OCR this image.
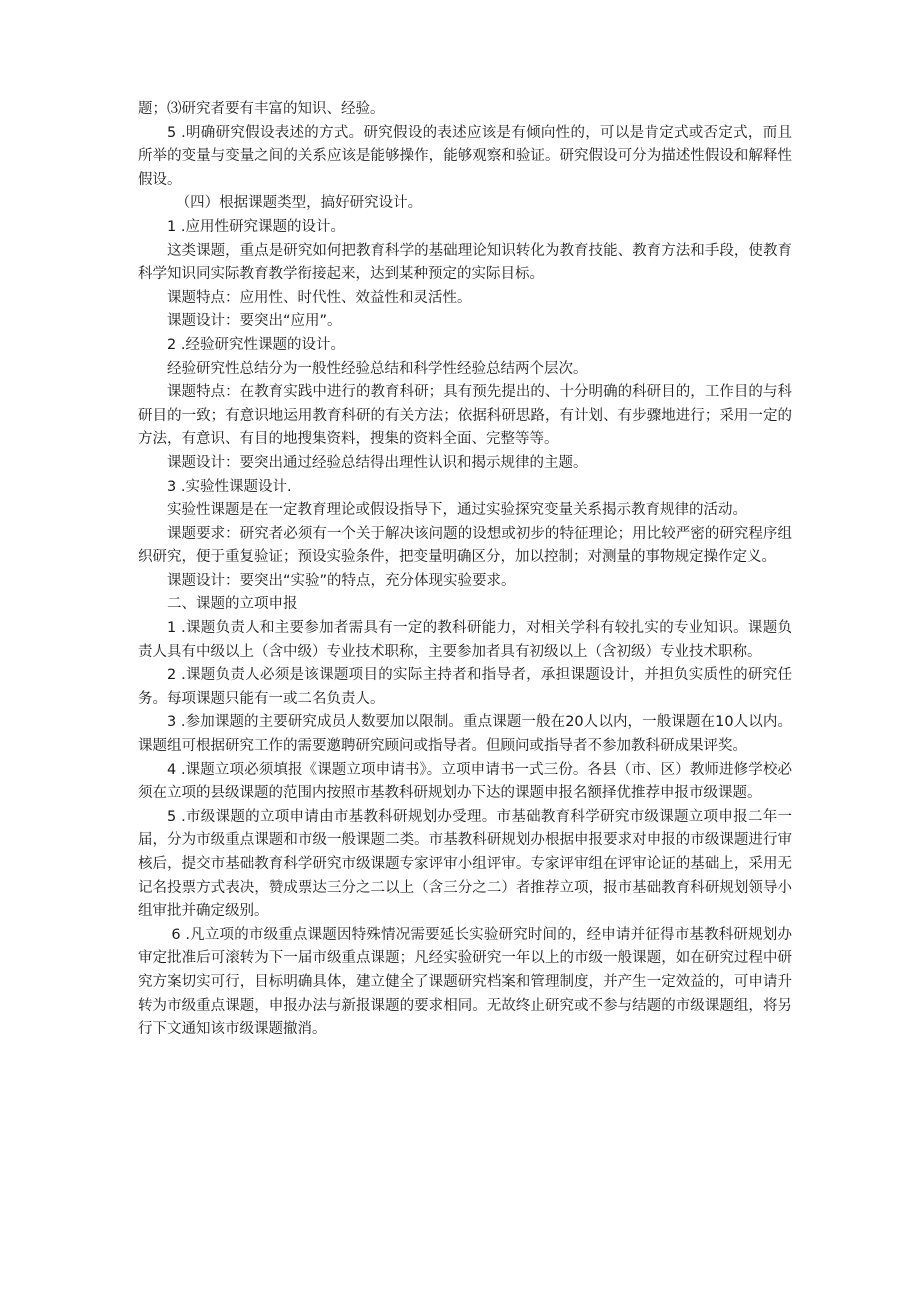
题；⑶研究者要有丰富的知识、经验。

5 .明确研究假设表述的方式。研究假设的表述应该是有倾向性的，可以是肯定式或否定式，而且所举的变量与变量之间的关系应该是能够操作，能够观察和验证。研究假设可分为描述性假设和解释性假设。

（四）根据课题类型，搞好研究设计。

1 .应用性研究课题的设计。

这类课题，重点是研究如何把教育科学的基础理论知识转化为教育技能、教育方法和手段，使教育科学知识同实际教育教学衔接起来，达到某种预定的实际目标。

课题特点：应用性、时代性、效益性和灵活性。

课题设计：要突出“应用”。

2 .经验研究性课题的设计。

经验研究性总结分为一般性经验总结和科学性经验总结两个层次。

课题特点：在教育实践中进行的教育科研；具有预先提出的、十分明确的科研目的，工作目的与科研目的一致；有意识地运用教育科研的有关方法；依据科研思路，有计划、有步骤地进行；采用一定的方法，有意识、有目的地搜集资料，搜集的资料全面、完整等等。

课题设计：要突出通过经验总结得出理性认识和揭示规律的主题。

3 .实验性课题设计.

实验性课题是在一定教育理论或假设指导下，通过实验探究变量关系揭示教育规律的活动。

课题要求：研究者必须有一个关于解决该问题的设想或初步的特征理论；用比较严密的研究程序组织研究，便于重复验证；预设实验条件，把变量明确区分，加以控制；对测量的事物规定操作定义。

课题设计：要突出“实验”的特点，充分体现实验要求。

二、课题的立项申报

1 .课题负责人和主要参加者需具有一定的教科研能力，对相关学科有较扎实的专业知识。课题负责人具有中级以上（含中级）专业技术职称，主要参加者具有初级以上（含初级）专业技术职称。

2 .课题负责人必须是该课题项目的实际主持者和指导者，承担课题设计，并担负实质性的研究任务。每项课题只能有一或二名负责人。

3 .参加课题的主要研究成员人数要加以限制。重点课题一般在20人以内，一般课题在10人以内。课题组可根据研究工作的需要邀聘研究顾问或指导者。但顾问或指导者不参加教科研成果评奖。

4 .课题立项必须填报《课题立项申请书》。立项申请书一式三份。各县（市、区）教师进修学校必须在立项的县级课题的范围内按照市基教科研规划办下达的课题申报名额择优推荐申报市级课题。

5 .市级课题的立项申请由市基教科研规划办受理。市基础教育科学研究市级课题立项申报二年一届，分为市级重点课题和市级一般课题二类。市基教科研规划办根据申报要求对申报的市级课题进行审核后，提交市基础教育科学研究市级课题专家评审小组评审。专家评审组在评审论证的基础上，采用无记名投票方式表决，赞成票达三分之二以上（含三分之二）者推荐立项，报市基础教育科研规划领导小组审批并确定级别。

6 .凡立项的市级重点课题因特殊情况需要延长实验研究时间的，经申请并征得市基教科研规划办审定批准后可滚转为下一届市级重点课题；凡经实验研究一年以上的市级一般课题，如在研究过程中研究方案切实可行，目标明确具体，建立健全了课题研究档案和管理制度，并产生一定效益的，可申请升转为市级重点课题，申报办法与新报课题的要求相同。无故终止研究或不参与结题的市级课题组，将另行下文通知该市级课题撤消。
